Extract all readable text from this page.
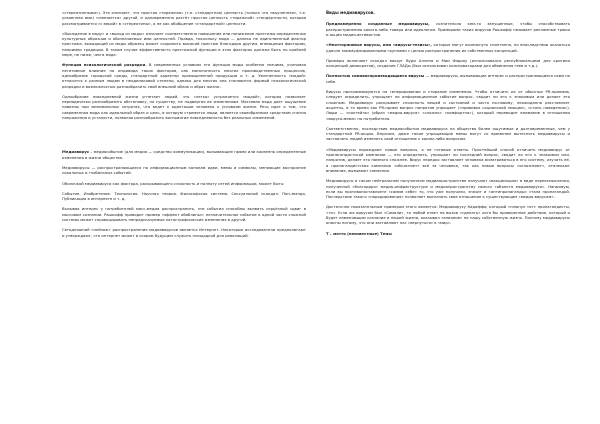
«стереотипными»). Это означает, что простая «тиражная» (т.е. стандартная) ценность (только что «выученная», т.е. усвоенная ими) «сменяется» другой, и одновременно растёт простая ценность «тиражной» стандартности, которая рассматривается «с верой» в «стереотипы», а не как обобщение «стандартной» ценности.

«Вхождение в моду» и «выход из моды» означает соответственно повышение или понижение престижа определенных культурных образцов и обозначаемых ими ценностей. Правда, поскольку мода — далеко не единственный фактор престижа, выходящий из моды образец может сохранить высокий престиж благодаря другим, внемодным факторам, например традиции. В таком случае эффективность престижной функции в этих факторах должна быть по крайней мере, не ниже, чем в моде.

Функция психологической разрядки. В современных условиях эта функция моды особенно значима, учитывая негативное влияние на индивида таких факторов, как монотонность многих производственных процессов, однообразие городской среды, стандартный характер промышленной продукции и т. д. Увлеченность «модой» относится к разным людям в неодинаковой степени, однако для многих она становится формой психологической разрядки и возможностью разнообразить свой внешний облик и образ жизни.

Однообразие повседневной жизни угнетает людей, что «легко» устраняется «модой», которая позволяет периодически разнообразить обстановку, по существу, не подвергая ее изменениям. Массовая мода дает ощущение новизны при минимальных затратах, что ведет к адаптации человека к условиям жизни. Речь идет о том, что современная мода как идеальный образ и цель, в которую стремятся люди, является своеобразным средством снятия напряжения и усталости, позволяя разнообразить восприятие повседневности без реальных изменений.

Медиавирус – медиасобытие (для медиа — средство коммуникации), вызывающее прямо или косвенно определенные изменения в жизни общества.

Медиавирусы — распространяющиеся по информационным каналам идеи, мемы и символы, меняющие восприятие локальных и глобальных событий.

Оболочкой медиавируса как фактора, раскрывающего сложность и полноту сетей информации, может быть:

Событие. Изобретение. Технология. Научная теория. Философская система. Сексуальный скандал. Поп-звезда. Публикация в интернете и т. д.

Вызывая интерес у потребителей масс-медиа распространить, эти события способны вызвать серьёзный сдвиг в массовом сознании. Рашкофф приводит пример «эффект обаблины»: незначительное событие в одной части сложной системы может спровоцировать непредсказуемые катастрофические изменения в другой.

Сегодняшний «пейзаж» распространения медиавирусов является Интернет. Некоторые исследователи предполагают и утверждают, что интернет может в скором будущем служить площадкой для революций.

Виды медиавирусов.

Преднамеренно созданные медиавирусы, сознательно кем-то запущенные, чтобы способствовать распространению какого-либо товара или идеологии. Примерами таких вирусов Рашкофф называет рекламные трюки и акции медиа-активистов.

«Неотторжимые вирусы, или «вирусы-тезисы», которые могут возникнуть спонтанно, но впоследствии оказаться удачно закамуфлированными группами с целью распространения их собственных концепций.

Примеры включают скандал вокруг Вуди Аллена и Мии Фэрроу (использовался республиканцами для критики концепций демократов), создание ГЛАДы (был использован консерваторами для обвинения геев и т.д.).

Полностью самовоспроизводящиеся вирусы — медиавирусы, вызывающие интерес и распространяющиеся сами по себе.

Вирусы программируются на генерировании и стирание изменения. Чтобы отличить их от обычных PR-приемов, следует определить, упрощает ли информационное событие вопрос, сводит ли его к знакомым или делает его сложным. Медиавирус раскрывает сложность вещей и состояний и часто по-новому, неожиданно расставляет акценты, в то время как PR-прием вопрос напротив упрощает («прививка социальной эмоции», «стиль поведения»). Люди — «коктейль» (образ «медиа-вируса» «сложно» «комфортно»), который переводит внимание в отношении «вируса-мема» на потребителя.

Соответственно, последствия медиасобытия медиавируса на общество более ощутимые и долговременные, чем у стандартной PR-акции. Впрочем, даже такие упрощающие мемы могут со временем вытеснять медиавирусы и заставлять людей изменить свой отношение к каким-либо вопросам.

«Медиавирусы порождают новые вопросы, а не готовые ответы. Простейший способ отличить медиавирус от пропагандистской кампании — это определить, упрощает ли последний вопрос, сводит ли его к знакомым или, напротив, делает его намного сложнее. Вирус нередко заставляет человека всматриваться в его систему, изучать её, а пропагандистская кампания «объясняет» всё за человека, так как новые вопросы «осложняют», отвлекают внимание, вызывают сомнения.

Медиавирусы в таком нейтральном полученном медиапространстве получают «вакцинацию» в виде переосмысления, полученной «благодаря» медиа-инфраструктуре и медиапространству самого «объекта медиавируса». Напрямую, если вы противопоставляете «самим себе» то, что уже получили, значит и «антипропаганды» стала пропагандой. Последствие такого «пародирования» позволяет высказать свое отношение к существующим «медиа-вирусам».

Достаточно показательным примером этого является: Медиавирусу Кадаффи, который «плюнул тот» пропагандисты, «то». Если же вирусом был «Сомали», то любой ответ на вызов «сделать» хотя бы проверенное действие, который и будет изменяющим сознание в нашей жизни, оказывал «влияние» на нашу собственную жизнь. Поэтому медиавирусы опасны потому, что они заставляют нас «вернуться» в «мир».

Т – мотто (неизвестные) Темы
